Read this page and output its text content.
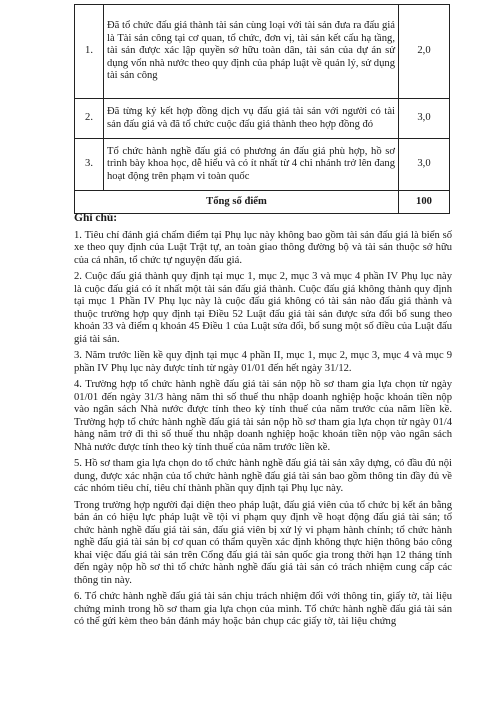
1.	Đã tổ chức đấu giá thành tài sản cùng loại với tài sản đưa ra đấu giá là Tài sản công tại cơ quan, tổ chức, đơn vị, tài sản kết cấu hạ tầng, tài sản được xác lập quyền sở hữu toàn dân, tài sản của dự án sử dụng vốn nhà nước theo quy định của pháp luật về quản lý, sử dụng tài sản công	2,0
2.	Đã từng ký kết hợp đồng dịch vụ đấu giá tài sản với người có tài sản đấu giá và đã tổ chức cuộc đấu giá thành theo hợp đồng đó	3,0
3.	Tổ chức hành nghề đấu giá có phương án đấu giá phù hợp, hồ sơ trình bày khoa học, dễ hiểu và có ít nhất từ 4 chi nhánh trở lên đang hoạt động trên phạm vi toàn quốc	3,0
Tổng số điểm		100
Ghi chú:

1. Tiêu chí đánh giá chấm điểm tại Phụ lục này không bao gồm tài sản đấu giá là biển số xe theo quy định của Luật Trật tự, an toàn giao thông đường bộ và tài sản thuộc sở hữu của cá nhân, tổ chức tự nguyện đấu giá.

2. Cuộc đấu giá thành quy định tại mục 1, mục 2, mục 3 và mục 4 phần IV Phụ lục này là cuộc đấu giá có ít nhất một tài sản đấu giá thành. Cuộc đấu giá không thành quy định tại mục 1 Phần IV Phụ lục này là cuộc đấu giá không có tài sản nào đấu giá thành và thuộc trường hợp quy định tại Điều 52 Luật đấu giá tài sản được sửa đổi bổ sung theo khoản 33 và điểm q khoản 45 Điều 1 của Luật sửa đổi, bổ sung một số điều của Luật đấu giá tài sản.

3. Năm trước liền kề quy định tại mục 4 phần II, mục 1, mục 2, mục 3, mục 4 và mục 9 phần IV Phụ lục này được tính từ ngày 01/01 đến hết ngày 31/12.

4. Trường hợp tổ chức hành nghề đấu giá tài sản nộp hồ sơ tham gia lựa chọn từ ngày 01/01 đến ngày 31/3 hàng năm thì số thuế thu nhập doanh nghiệp hoặc khoản tiền nộp vào ngân sách Nhà nước được tính theo kỳ tính thuế của năm trước của năm liền kề. Trường hợp tổ chức hành nghề đấu giá tài sản nộp hồ sơ tham gia lựa chọn từ ngày 01/4 hàng năm trở đi thì số thuế thu nhập doanh nghiệp hoặc khoản tiền nộp vào ngân sách Nhà nước được tính theo kỳ tính thuế của năm trước liền kề.

5. Hồ sơ tham gia lựa chọn do tổ chức hành nghề đấu giá tài sản xây dựng, có đầu đủ nội dung, được xác nhận của tổ chức hành nghề đấu giá tài sản bao gồm thông tin đầy đủ về các nhóm tiêu chí, tiêu chí thành phần quy định tại Phụ lục này.

Trong trường hợp người đại diện theo pháp luật, đấu giá viên của tổ chức bị kết án bằng bản án có hiệu lực pháp luật về tội vi phạm quy định về hoạt động đấu giá tài sản; tổ chức hành nghề đấu giá tài sản, đấu giá viên bị xử lý vi phạm hành chính; tổ chức hành nghề đấu giá tài sản bị cơ quan có thẩm quyền xác định không thực hiện thông báo công khai việc đấu giá tài sản trên Cổng đấu giá tài sản quốc gia trong thời hạn 12 tháng tính đến ngày nộp hồ sơ thì tổ chức hành nghề đấu giá tài sản có trách nhiệm cung cấp các thông tin này.

6. Tổ chức hành nghề đấu giá tài sản chịu trách nhiệm đối với thông tin, giấy tờ, tài liệu chứng minh trong hồ sơ tham gia lựa chọn của mình. Tổ chức hành nghề đấu giá tài sản có thể gửi kèm theo bản đánh máy hoặc bản chụp các giấy tờ, tài liệu chứng
